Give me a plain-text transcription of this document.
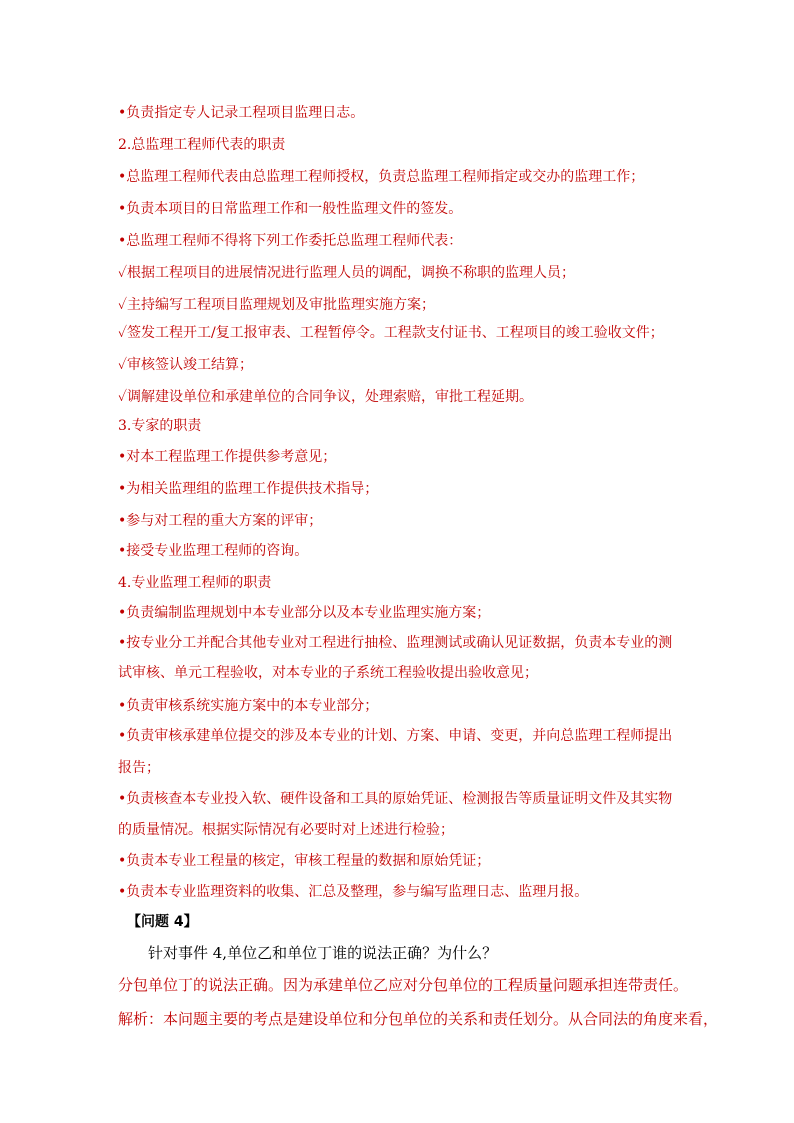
•负责指定专人记录工程项目监理日志。
2.总监理工程师代表的职责
•总监理工程师代表由总监理工程师授权，负责总监理工程师指定或交办的监理工作；
•负责本项目的日常监理工作和一般性监理文件的签发。
•总监理工程师不得将下列工作委托总监理工程师代表：
✓根据工程项目的进展情况进行监理人员的调配，调换不称职的监理人员；
✓主持编写工程项目监理规划及审批监理实施方案；
✓签发工程开工/复工报审表、工程暂停令。工程款支付证书、工程项目的竣工验收文件；
✓审核签认竣工结算；
✓调解建设单位和承建单位的合同争议，处理索赔，审批工程延期。
3.专家的职责
•对本工程监理工作提供参考意见；
•为相关监理组的监理工作提供技术指导；
•参与对工程的重大方案的评审；
•接受专业监理工程师的咨询。
4.专业监理工程师的职责
•负责编制监理规划中本专业部分以及本专业监理实施方案；
•按专业分工并配合其他专业对工程进行抽检、监理测试或确认见证数据，负责本专业的测
试审核、单元工程验收，对本专业的子系统工程验收提出验收意见；
•负责审核系统实施方案中的本专业部分；
•负责审核承建单位提交的涉及本专业的计划、方案、申请、变更，并向总监理工程师提出
报告；
•负责核查本专业投入软、硬件设备和工具的原始凭证、检测报告等质量证明文件及其实物
的质量情况。根据实际情况有必要时对上述进行检验；
•负责本专业工程量的核定，审核工程量的数据和原始凭证；
•负责本专业监理资料的收集、汇总及整理，参与编写监理日志、监理月报。
【问题 4】
针对事件 4,单位乙和单位丁谁的说法正确？为什么？
分包单位丁的说法正确。因为承建单位乙应对分包单位的工程质量问题承担连带责任。
解析：本问题主要的考点是建设单位和分包单位的关系和责任划分。从合同法的角度来看，
